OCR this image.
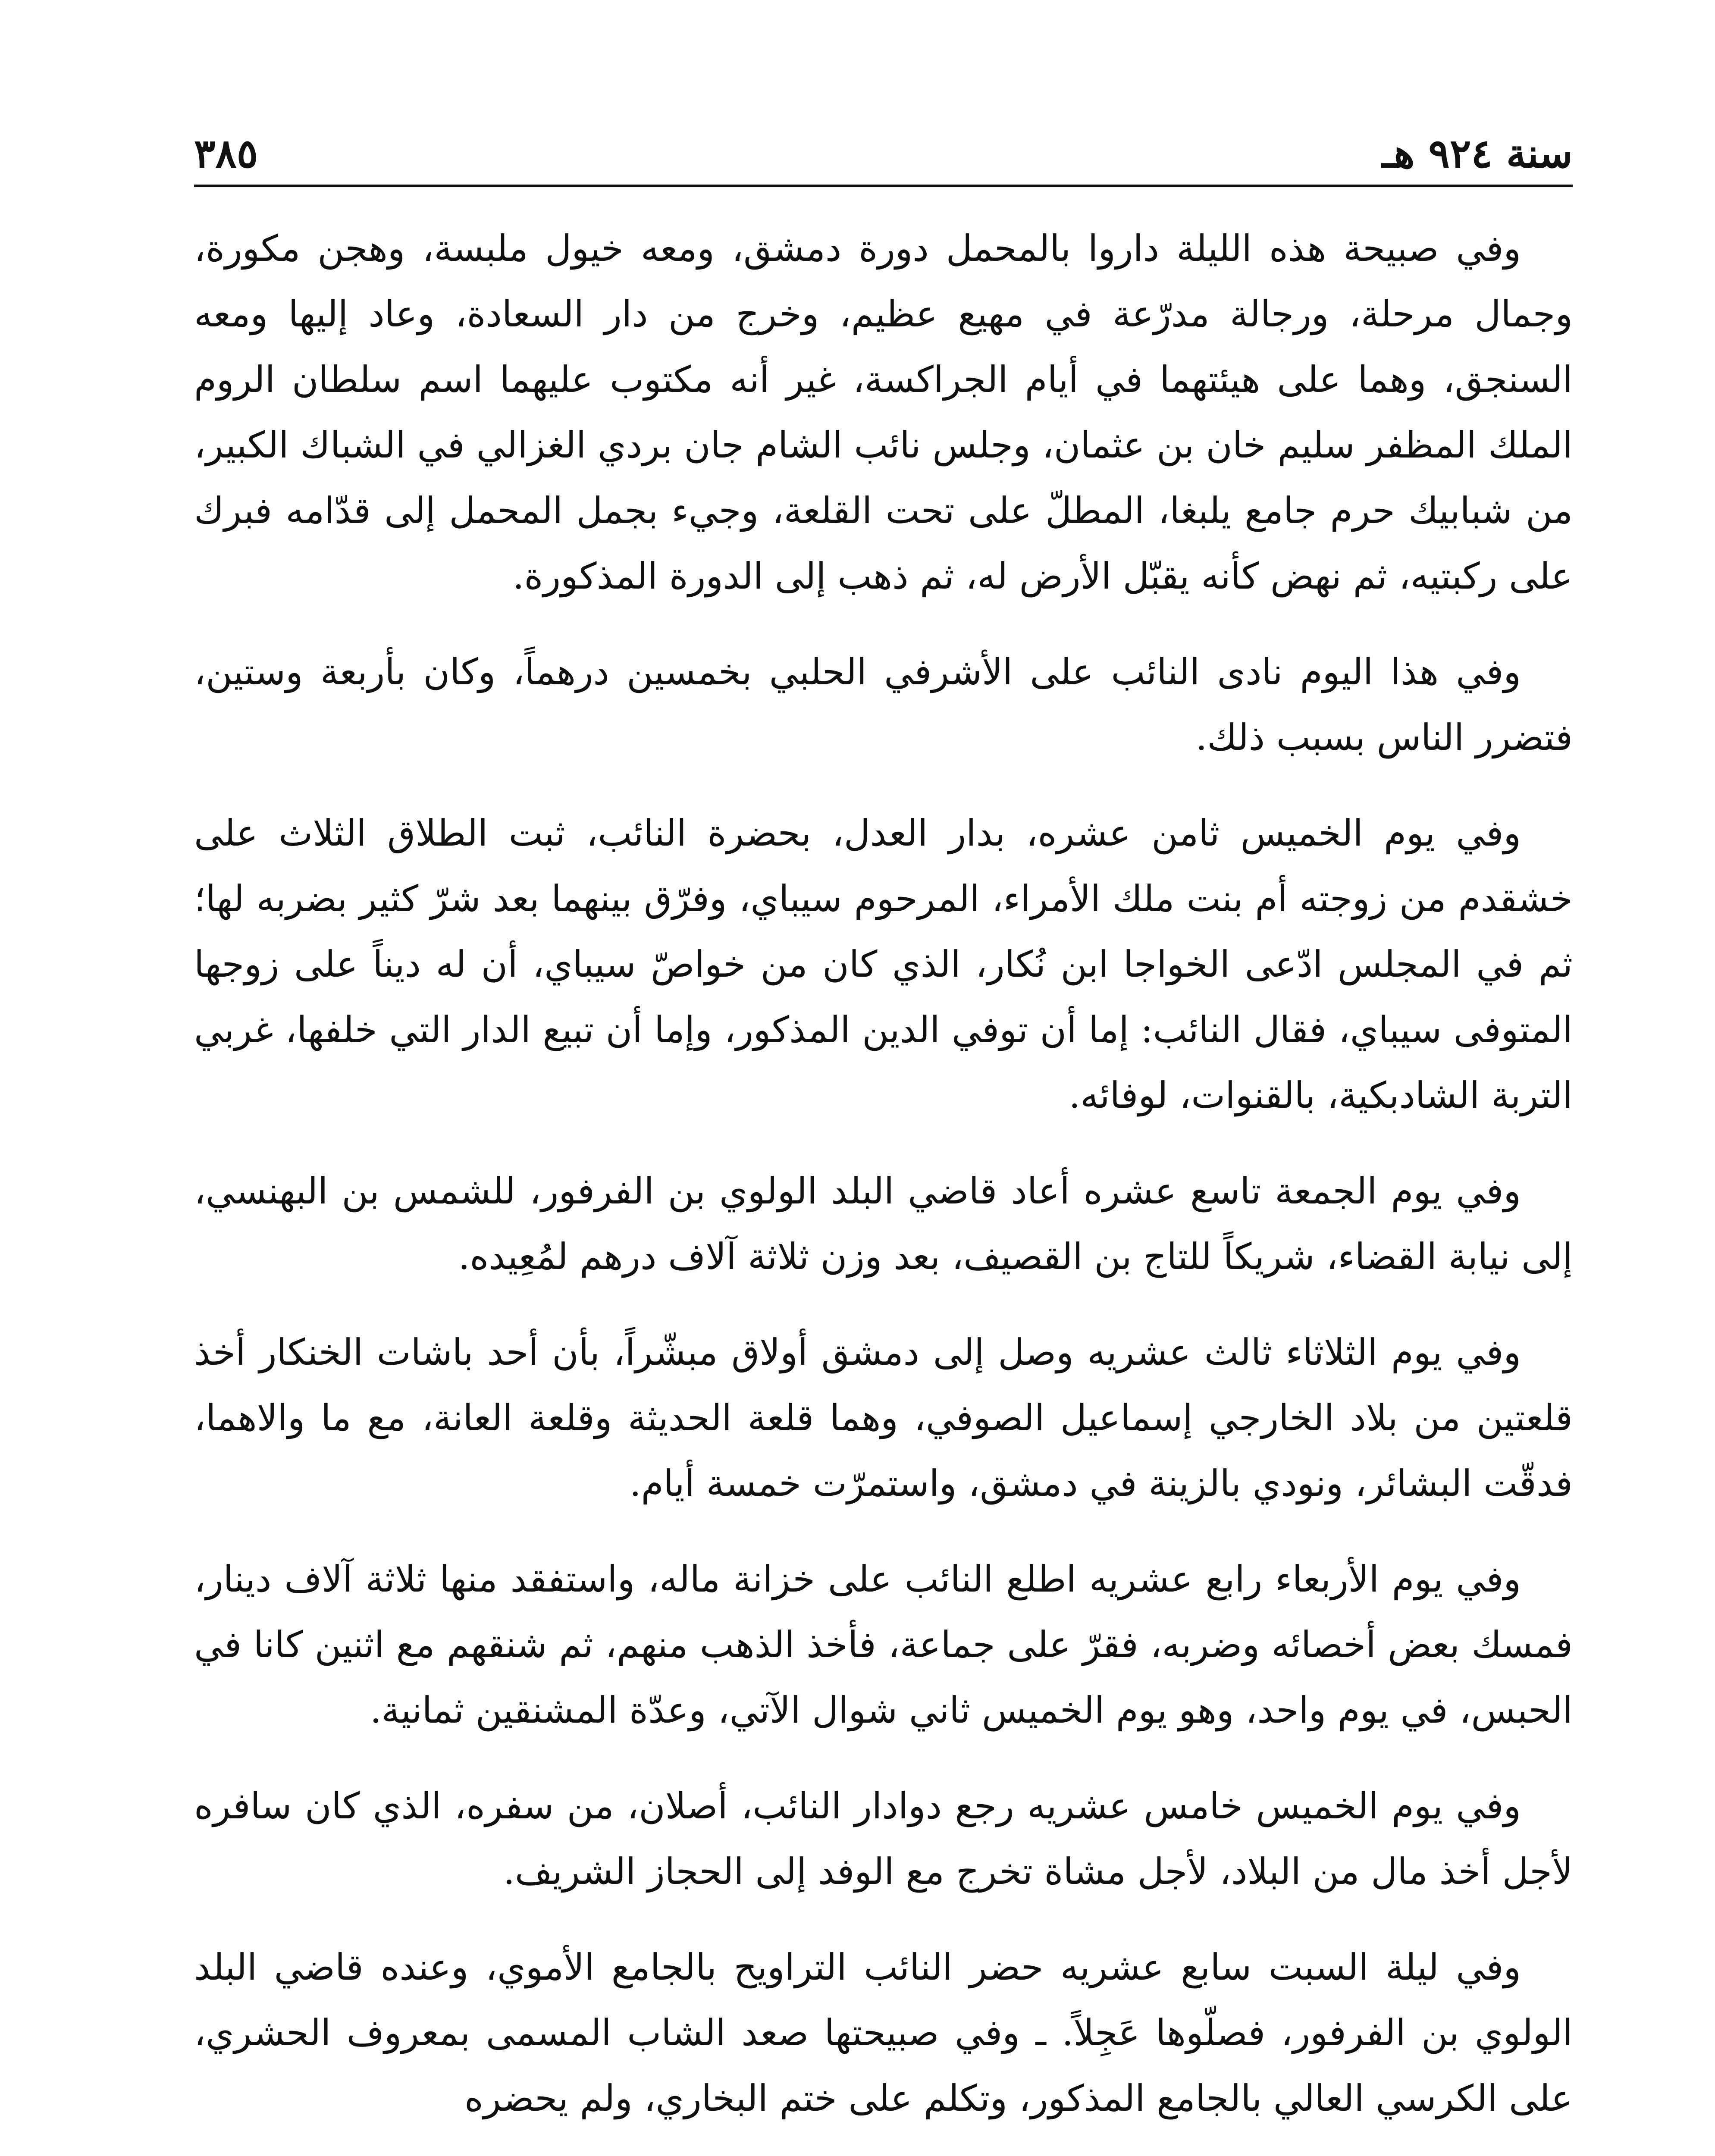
سنة ٩٢٤ هـ
٣٨٥

وفي صبيحة هذه الليلة داروا بالمحمل دورة دمشق، ومعه خيول ملبسة، وهجن مكورة، وجمال مرحلة، ورجالة مدرّعة في مهيع عظيم، وخرج من دار السعادة، وعاد إليها ومعه السنجق، وهما على هيئتهما في أيام الجراكسة، غير أنه مكتوب عليهما اسم سلطان الروم الملك المظفر سليم خان بن عثمان، وجلس نائب الشام جان بردي الغزالي في الشباك الكبير، من شبابيك حرم جامع يلبغا، المطلّ على تحت القلعة، وجيء بجمل المحمل إلى قدّامه فبرك على ركبتيه، ثم نهض كأنه يقبّل الأرض له، ثم ذهب إلى الدورة المذكورة.

وفي هذا اليوم نادى النائب على الأشرفي الحلبي بخمسين درهماً، وكان بأربعة وستين، فتضرر الناس بسبب ذلك.

وفي يوم الخميس ثامن عشره، بدار العدل، بحضرة النائب، ثبت الطلاق الثلاث على خشقدم من زوجته أم بنت ملك الأمراء، المرحوم سيباي، وفرّق بينهما بعد شرّ كثير بضربه لها؛ ثم في المجلس ادّعى الخواجا ابن نُكار، الذي كان من خواصّ سيباي، أن له ديناً على زوجها المتوفى سيباي، فقال النائب: إما أن توفي الدين المذكور، وإما أن تبيع الدار التي خلفها، غربي التربة الشادبكية، بالقنوات، لوفائه.

وفي يوم الجمعة تاسع عشره أعاد قاضي البلد الولوي بن الفرفور، للشمس بن البهنسي، إلى نيابة القضاء، شريكاً للتاج بن القصيف، بعد وزن ثلاثة آلاف درهم لمُعِيده.

وفي يوم الثلاثاء ثالث عشريه وصل إلى دمشق أولاق مبشّراً، بأن أحد باشات الخنكار أخذ قلعتين من بلاد الخارجي إسماعيل الصوفي، وهما قلعة الحديثة وقلعة العانة، مع ما والاهما، فدقّت البشائر، ونودي بالزينة في دمشق، واستمرّت خمسة أيام.

وفي يوم الأربعاء رابع عشريه اطلع النائب على خزانة ماله، واستفقد منها ثلاثة آلاف دينار، فمسك بعض أخصائه وضربه، فقرّ على جماعة، فأخذ الذهب منهم، ثم شنقهم مع اثنين كانا في الحبس، في يوم واحد، وهو يوم الخميس ثاني شوال الآتي، وعدّة المشنقين ثمانية.

وفي يوم الخميس خامس عشريه رجع دوادار النائب، أصلان، من سفره، الذي كان سافره لأجل أخذ مال من البلاد، لأجل مشاة تخرج مع الوفد إلى الحجاز الشريف.

وفي ليلة السبت سابع عشريه حضر النائب التراويح بالجامع الأموي، وعنده قاضي البلد الولوي بن الفرفور، فصلّوها عَجِلاً. ـ وفي صبيحتها صعد الشاب المسمى بمعروف الحشري، على الكرسي العالي بالجامع المذكور، وتكلم على ختم البخاري، ولم يحضره
